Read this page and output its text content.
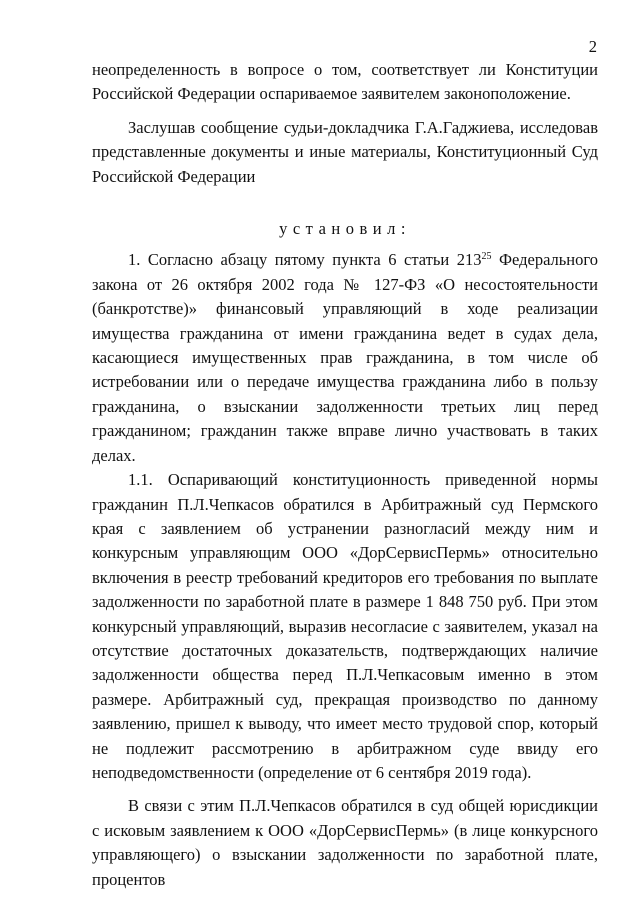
2

неопределенность в вопросе о том, соответствует ли Конституции Российской Федерации оспариваемое заявителем законоположение.

Заслушав сообщение судьи-докладчика Г.А.Гаджиева, исследовав представленные документы и иные материалы, Конституционный Суд Российской Федерации

установил:

1. Согласно абзацу пятому пункта 6 статьи $213^{25}$ Федерального закона от 26 октября 2002 года № 127-ФЗ «О несостоятельности (банкротстве)» финансовый управляющий в ходе реализации имущества гражданина от имени гражданина ведет в судах дела, касающиеся имущественных прав гражданина, в том числе об истребовании или о передаче имущества гражданина либо в пользу гражданина, о взыскании задолженности третьих лиц перед гражданином; гражданин также вправе лично участвовать в таких делах.

1.1. Оспаривающий конституционность приведенной нормы гражданин П.Л.Чепкасов обратился в Арбитражный суд Пермского края с заявлением об устранении разногласий между ним и конкурсным управляющим ООО «ДорСервисПермь» относительно включения в реестр требований кредиторов его требования по выплате задолженности по заработной плате в размере 1 848 750 руб. При этом конкурсный управляющий, выразив несогласие с заявителем, указал на отсутствие достаточных доказательств, подтверждающих наличие задолженности общества перед П.Л.Чепкасовым именно в этом размере. Арбитражный суд, прекращая производство по данному заявлению, пришел к выводу, что имеет место трудовой спор, который не подлежит рассмотрению в арбитражном суде ввиду его неподведомственности (определение от 6 сентября 2019 года).

В связи с этим П.Л.Чепкасов обратился в суд общей юрисдикции с исковым заявлением к ООО «ДорСервисПермь» (в лице конкурсного управляющего) о взыскании задолженности по заработной плате, процентов
